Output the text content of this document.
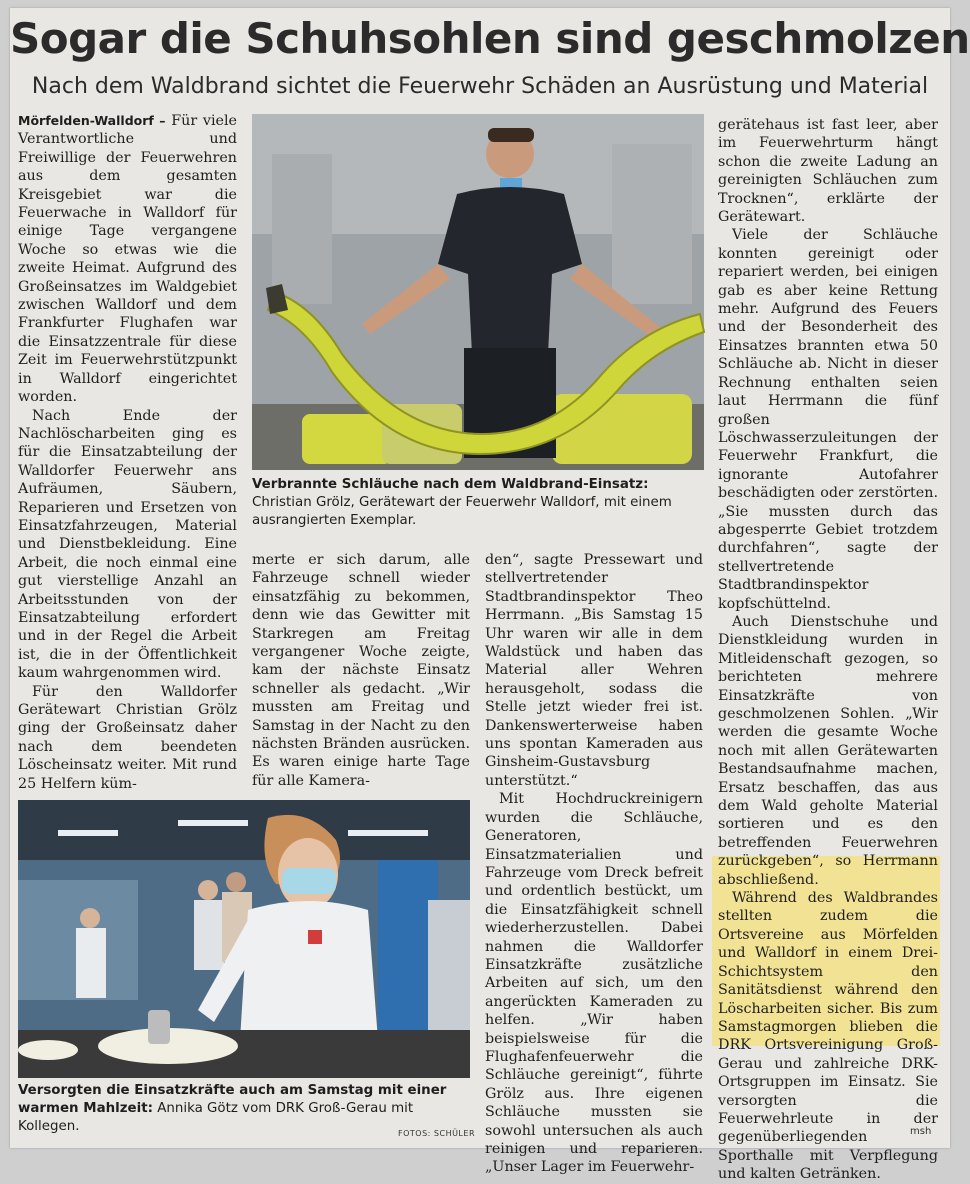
Sogar die Schuhsohlen sind geschmolzen
Nach dem Waldbrand sichtet die Feuerwehr Schäden an Ausrüstung und Material

Mörfelden-Walldorf – Für viele Verantwortliche und Freiwillige der Feuerwehren aus dem gesamten Kreisgebiet war die Feuerwache in Walldorf für einige Tage vergangene Woche so etwas wie die zweite Heimat. Aufgrund des Großeinsatzes im Waldgebiet zwischen Walldorf und dem Frankfurter Flughafen war die Einsatzzentrale für diese Zeit im Feuerwehrstützpunkt in Walldorf eingerichtet worden.

Nach Ende der Nachlöscharbeiten ging es für die Einsatzabteilung der Walldorfer Feuerwehr ans Aufräumen, Säubern, Reparieren und Ersetzen von Einsatzfahrzeugen, Material und Dienstbekleidung. Eine Arbeit, die noch einmal eine gut vierstellige Anzahl an Arbeitsstunden von der Einsatzabteilung erfordert und in der Regel die Arbeit ist, die in der Öffentlichkeit kaum wahrgenommen wird.

Für den Walldorfer Gerätewart Christian Grölz ging der Großeinsatz daher nach dem beendeten Löscheinsatz weiter. Mit rund 25 Helfern küm-

Verbrannte Schläuche nach dem Waldbrand-Einsatz: Christian Grölz, Gerätewart der Feuerwehr Walldorf, mit einem ausrangierten Exemplar.

merte er sich darum, alle Fahrzeuge schnell wieder einsatzfähig zu bekommen, denn wie das Gewitter mit Starkregen am Freitag vergangener Woche zeigte, kam der nächste Einsatz schneller als gedacht. „Wir mussten am Freitag und Samstag in der Nacht zu den nächsten Bränden ausrücken. Es waren einige harte Tage für alle Kamera-

den“, sagte Pressewart und stellvertretender Stadtbrandinspektor Theo Herrmann. „Bis Samstag 15 Uhr waren wir alle in dem Waldstück und haben das Material aller Wehren herausgeholt, sodass die Stelle jetzt wieder frei ist. Dankenswerterweise haben uns spontan Kameraden aus Ginsheim-Gustavsburg unterstützt.“

Mit Hochdruckreinigern wurden die Schläuche, Generatoren, Einsatzmaterialien und Fahrzeuge vom Dreck befreit und ordentlich bestückt, um die Einsatzfähigkeit schnell wiederherzustellen. Dabei nahmen die Walldorfer Einsatzkräfte zusätzliche Arbeiten auf sich, um den angerückten Kameraden zu helfen. „Wir haben beispielsweise für die Flughafenfeuerwehr die Schläuche gereinigt“, führte Grölz aus. Ihre eigenen Schläuche mussten sie sowohl untersuchen als auch reinigen und reparieren. „Unser Lager im Feuerwehr-

gerätehaus ist fast leer, aber im Feuerwehrturm hängt schon die zweite Ladung an gereinigten Schläuchen zum Trocknen“, erklärte der Gerätewart.

Viele der Schläuche konnten gereinigt oder repariert werden, bei einigen gab es aber keine Rettung mehr. Aufgrund des Feuers und der Besonderheit des Einsatzes brannten etwa 50 Schläuche ab. Nicht in dieser Rechnung enthalten seien laut Herrmann die fünf großen Löschwasserzuleitungen der Feuerwehr Frankfurt, die ignorante Autofahrer beschädigten oder zerstörten. „Sie mussten durch das abgesperrte Gebiet trotzdem durchfahren“, sagte der stellvertretende Stadtbrandinspektor kopfschüttelnd.

Auch Dienstschuhe und Dienstkleidung wurden in Mitleidenschaft gezogen, so berichteten mehrere Einsatzkräfte von geschmolzenen Sohlen. „Wir werden die gesamte Woche noch mit allen Gerätewarten Bestandsaufnahme machen, Ersatz beschaffen, das aus dem Wald geholte Material sortieren und es den betreffenden Feuerwehren zurückgeben“, so Herrmann abschließend.

Während des Waldbrandes stellten zudem die Ortsvereine aus Mörfelden und Walldorf in einem Drei-Schichtsystem den Sanitätsdienst während den Löscharbeiten sicher. Bis zum Samstagmorgen blieben die DRK Ortsvereinigung Groß-Gerau und zahlreiche DRK-Ortsgruppen im Einsatz. Sie versorgten die Feuerwehrleute in der gegenüberliegenden Sporthalle mit Verpflegung und kalten Getränken.

msh
Versorgten die Einsatzkräfte auch am Samstag mit einer warmen Mahlzeit: Annika Götz vom DRK Groß-Gerau mit Kollegen.	FOTOS: SCHÜLER
